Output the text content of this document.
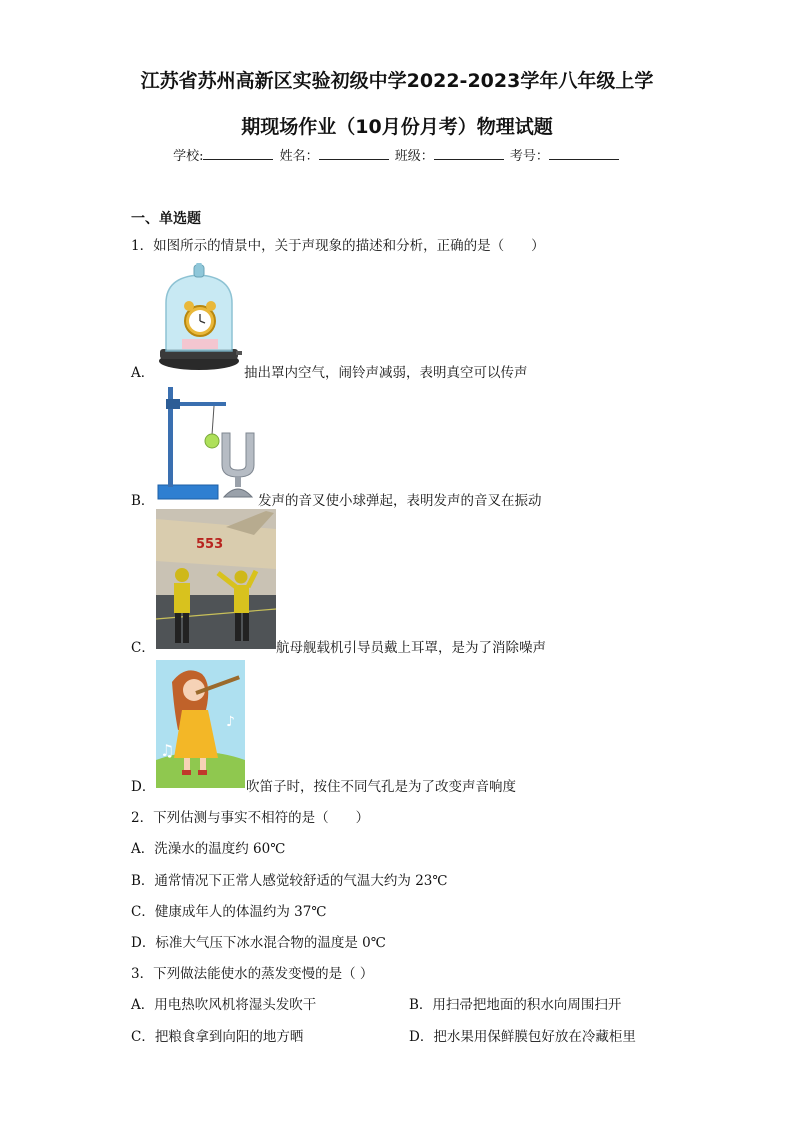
江苏省苏州高新区实验初级中学2022-2023学年八年级上学
期现场作业（10月份月考）物理试题
学校:	姓名：	班级：	考号：
一、单选题
1．如图所示的情景中，关于声现象的描述和分析，正确的是（　　）
A．	抽出罩内空气，闹铃声减弱，表明真空可以传声
B．	发声的音叉使小球弹起，表明发声的音叉在振动
553
C．	航母舰载机引导员戴上耳罩，是为了消除噪声
♪
♫
D．	吹笛子时，按住不同气孔是为了改变声音响度
2．下列估测与事实不相符的是（　　）
A．洗澡水的温度约 60℃
B．通常情况下正常人感觉较舒适的气温大约为 23℃
C．健康成年人的体温约为 37℃
D．标准大气压下冰水混合物的温度是 0℃
3．下列做法能使水的蒸发变慢的是（ ）
A．用电热吹风机将湿头发吹干	B．用扫帚把地面的积水向周围扫开
C．把粮食拿到向阳的地方晒	D．把水果用保鲜膜包好放在冷藏柜里
